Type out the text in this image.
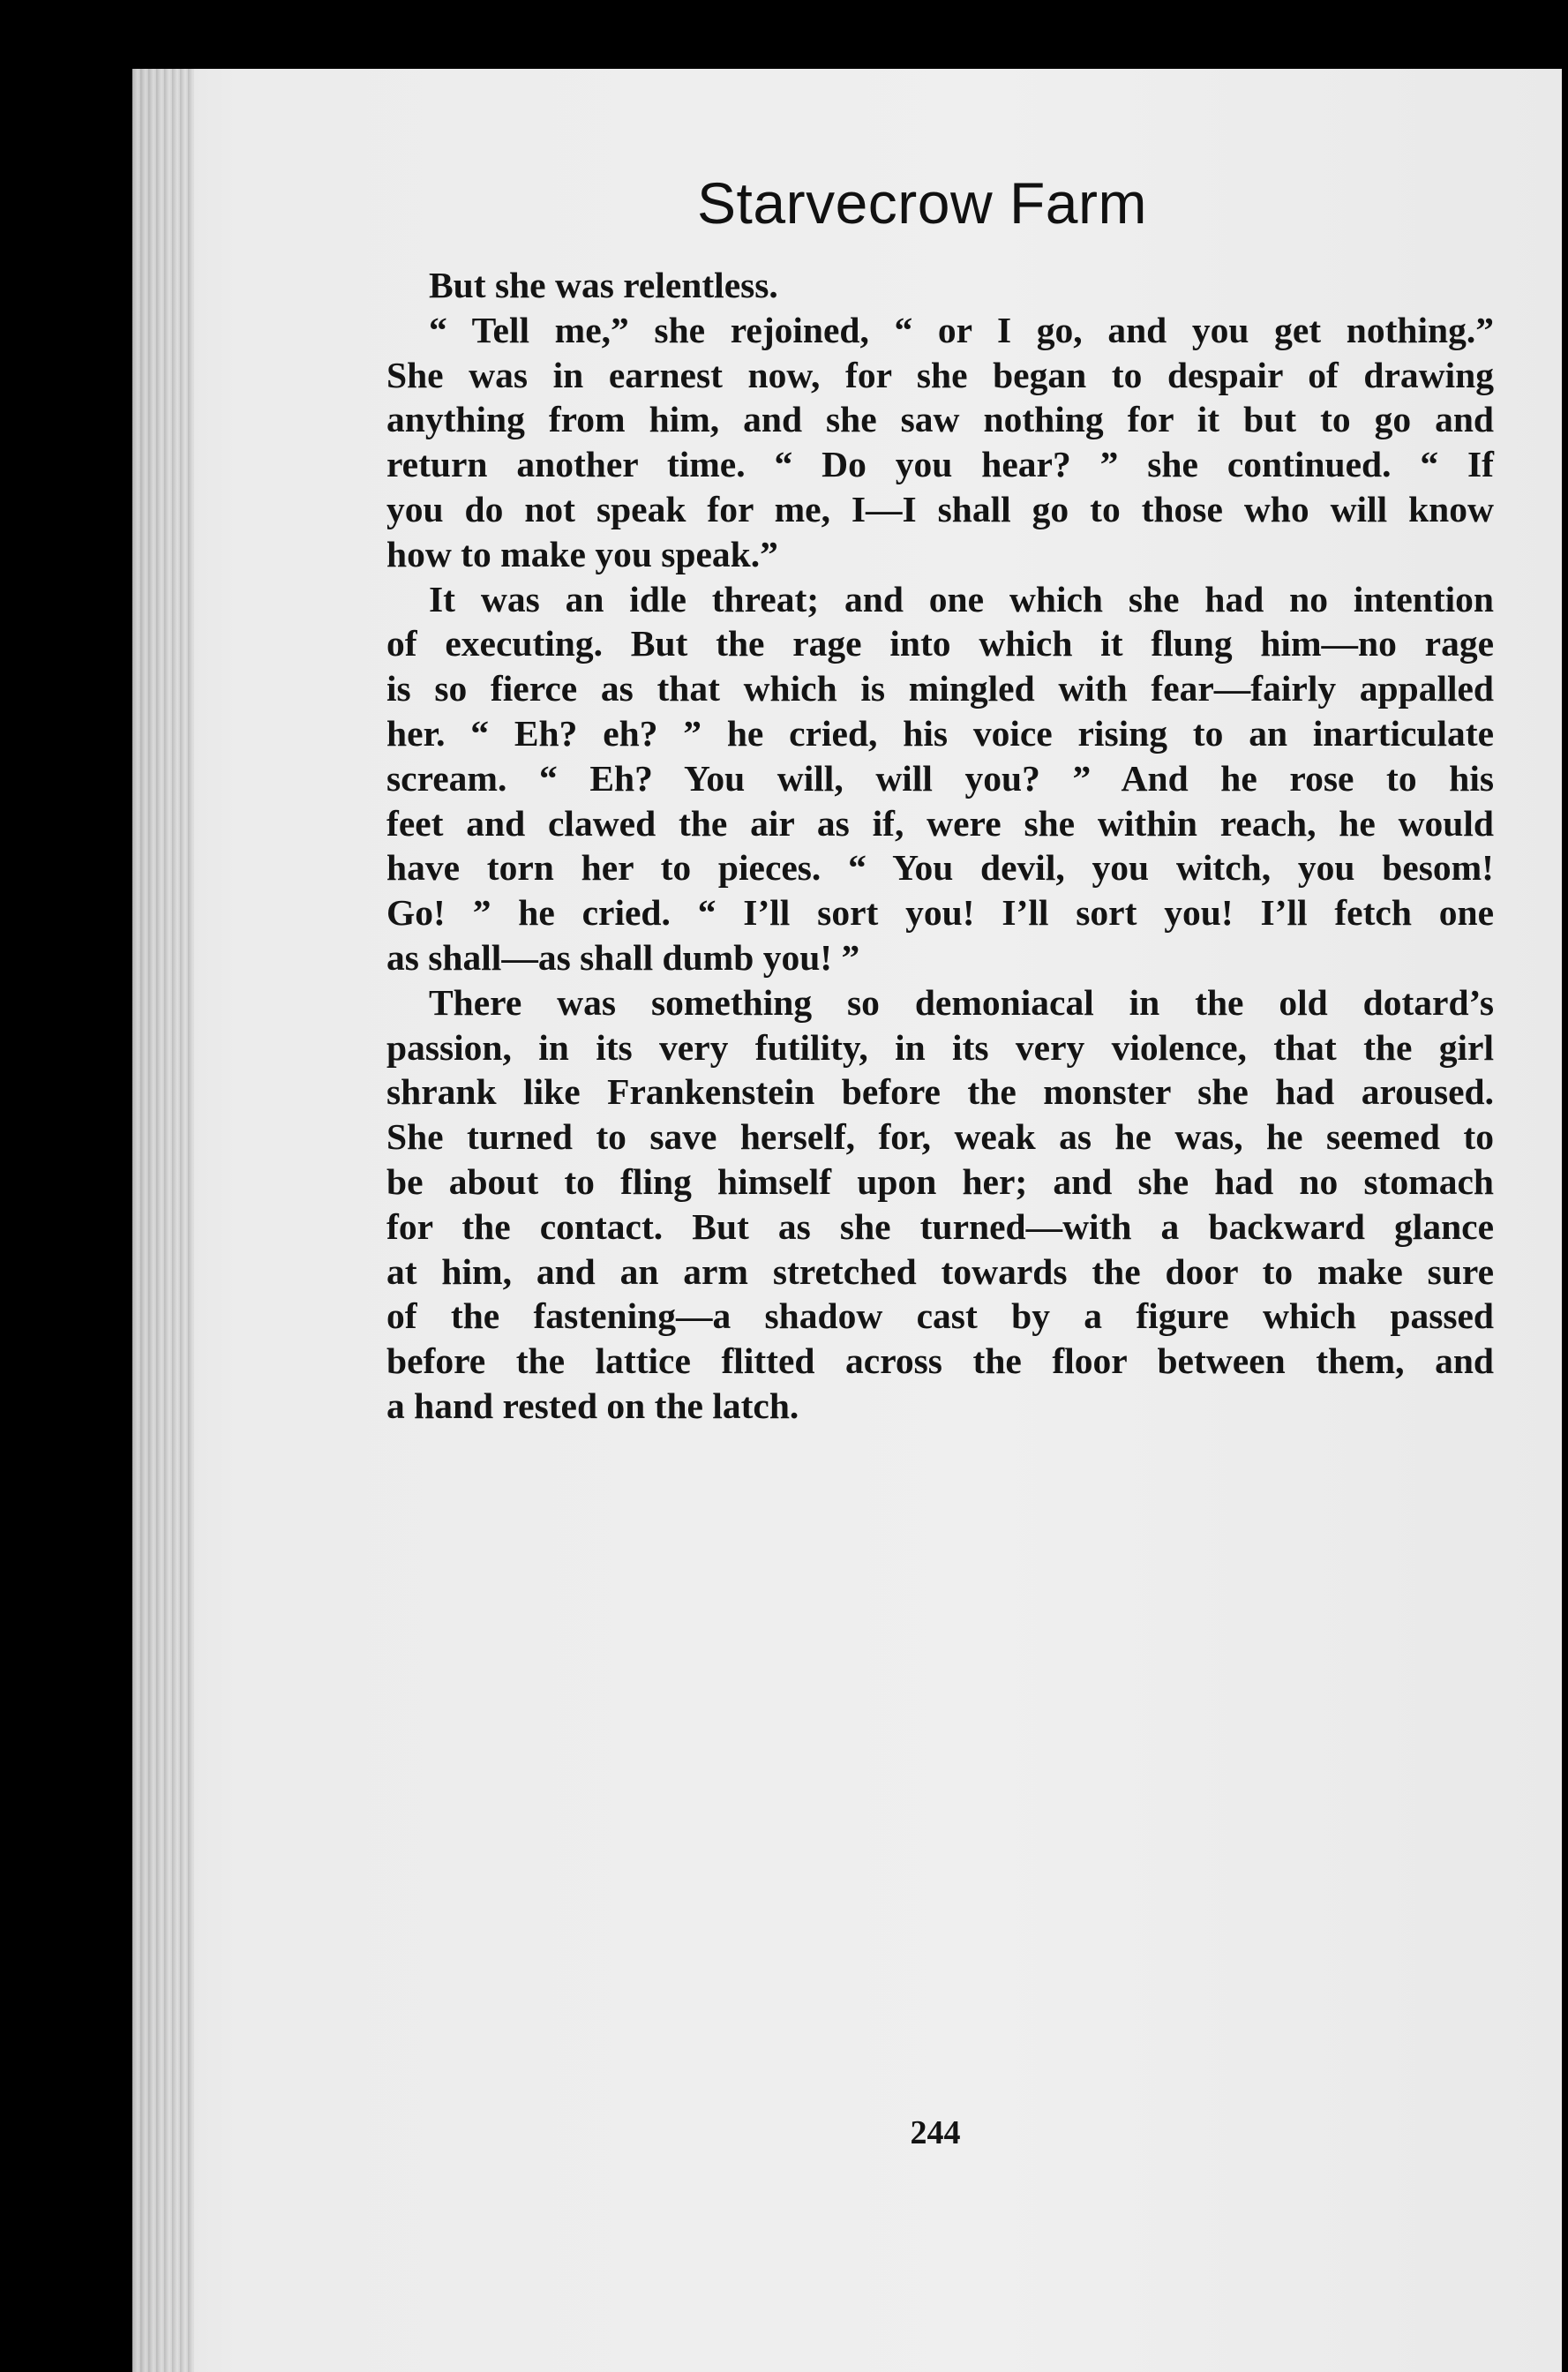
Starvecrow Farm
But she was relentless.
“ Tell me,” she rejoined, “ or I go, and you get nothing.”
She was in earnest now, for she began to despair of drawing
anything from him, and she saw nothing for it but to go and
return another time. “ Do you hear? ” she continued. “ If
you do not speak for me, I—I shall go to those who will know
how to make you speak.”
It was an idle threat; and one which she had no intention
of executing. But the rage into which it flung him—no rage
is so fierce as that which is mingled with fear—fairly appalled
her. “ Eh? eh? ” he cried, his voice rising to an inarticulate
scream. “ Eh? You will, will you? ” And he rose to his
feet and clawed the air as if, were she within reach, he would
have torn her to pieces. “ You devil, you witch, you besom!
Go! ” he cried. “ I’ll sort you! I’ll sort you! I’ll fetch one
as shall—as shall dumb you! ”
There was something so demoniacal in the old dotard’s
passion, in its very futility, in its very violence, that the girl
shrank like Frankenstein before the monster she had aroused.
She turned to save herself, for, weak as he was, he seemed to
be about to fling himself upon her; and she had no stomach
for the contact. But as she turned—with a backward glance
at him, and an arm stretched towards the door to make sure
of the fastening—a shadow cast by a figure which passed
before the lattice flitted across the floor between them, and
a hand rested on the latch.
244
